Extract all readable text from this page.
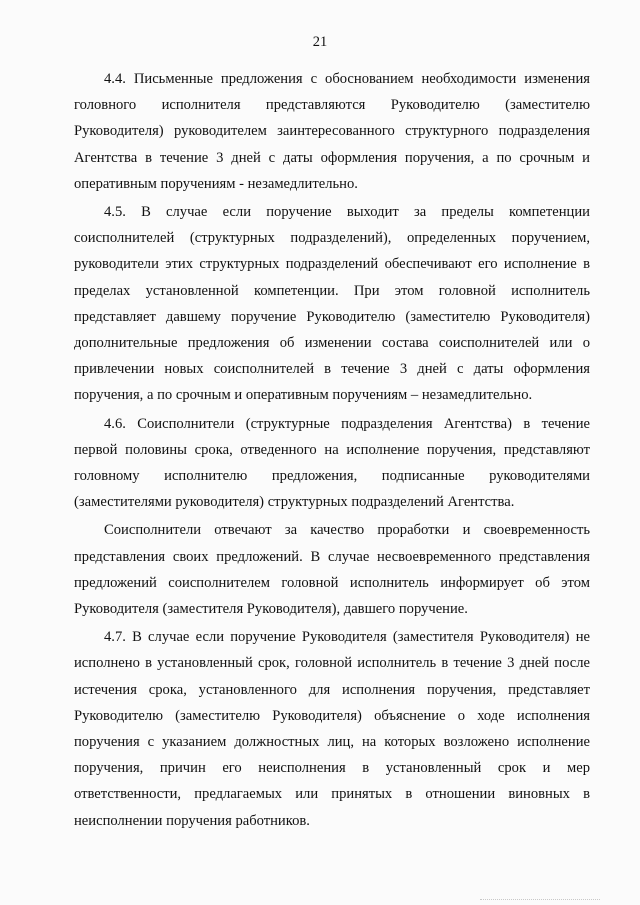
21

4.4. Письменные предложения с обоснованием необходимости изменения головного исполнителя представляются Руководителю (заместителю Руководителя) руководителем заинтересованного структурного подразделения Агентства в течение 3 дней с даты оформления поручения, а по срочным и оперативным поручениям - незамедлительно.

4.5. В случае если поручение выходит за пределы компетенции соисполнителей (структурных подразделений), определенных поручением, руководители этих структурных подразделений обеспечивают его исполнение в пределах установленной компетенции. При этом головной исполнитель представляет давшему поручение Руководителю (заместителю Руководителя) дополнительные предложения об изменении состава соисполнителей или о привлечении новых соисполнителей в течение 3 дней с даты оформления поручения, а по срочным и оперативным поручениям – незамедлительно.

4.6. Соисполнители (структурные подразделения Агентства) в течение первой половины срока, отведенного на исполнение поручения, представляют головному исполнителю предложения, подписанные руководителями (заместителями руководителя) структурных подразделений Агентства.

Соисполнители отвечают за качество проработки и своевременность представления своих предложений. В случае несвоевременного представления предложений соисполнителем головной исполнитель информирует об этом Руководителя (заместителя Руководителя), давшего поручение.

4.7. В случае если поручение Руководителя (заместителя Руководителя) не исполнено в установленный срок, головной исполнитель в течение 3 дней после истечения срока, установленного для исполнения поручения, представляет Руководителю (заместителю Руководителя) объяснение о ходе исполнения поручения с указанием должностных лиц, на которых возложено исполнение поручения, причин его неисполнения в установленный срок и мер ответственности, предлагаемых или принятых в отношении виновных в неисполнении поручения работников.
